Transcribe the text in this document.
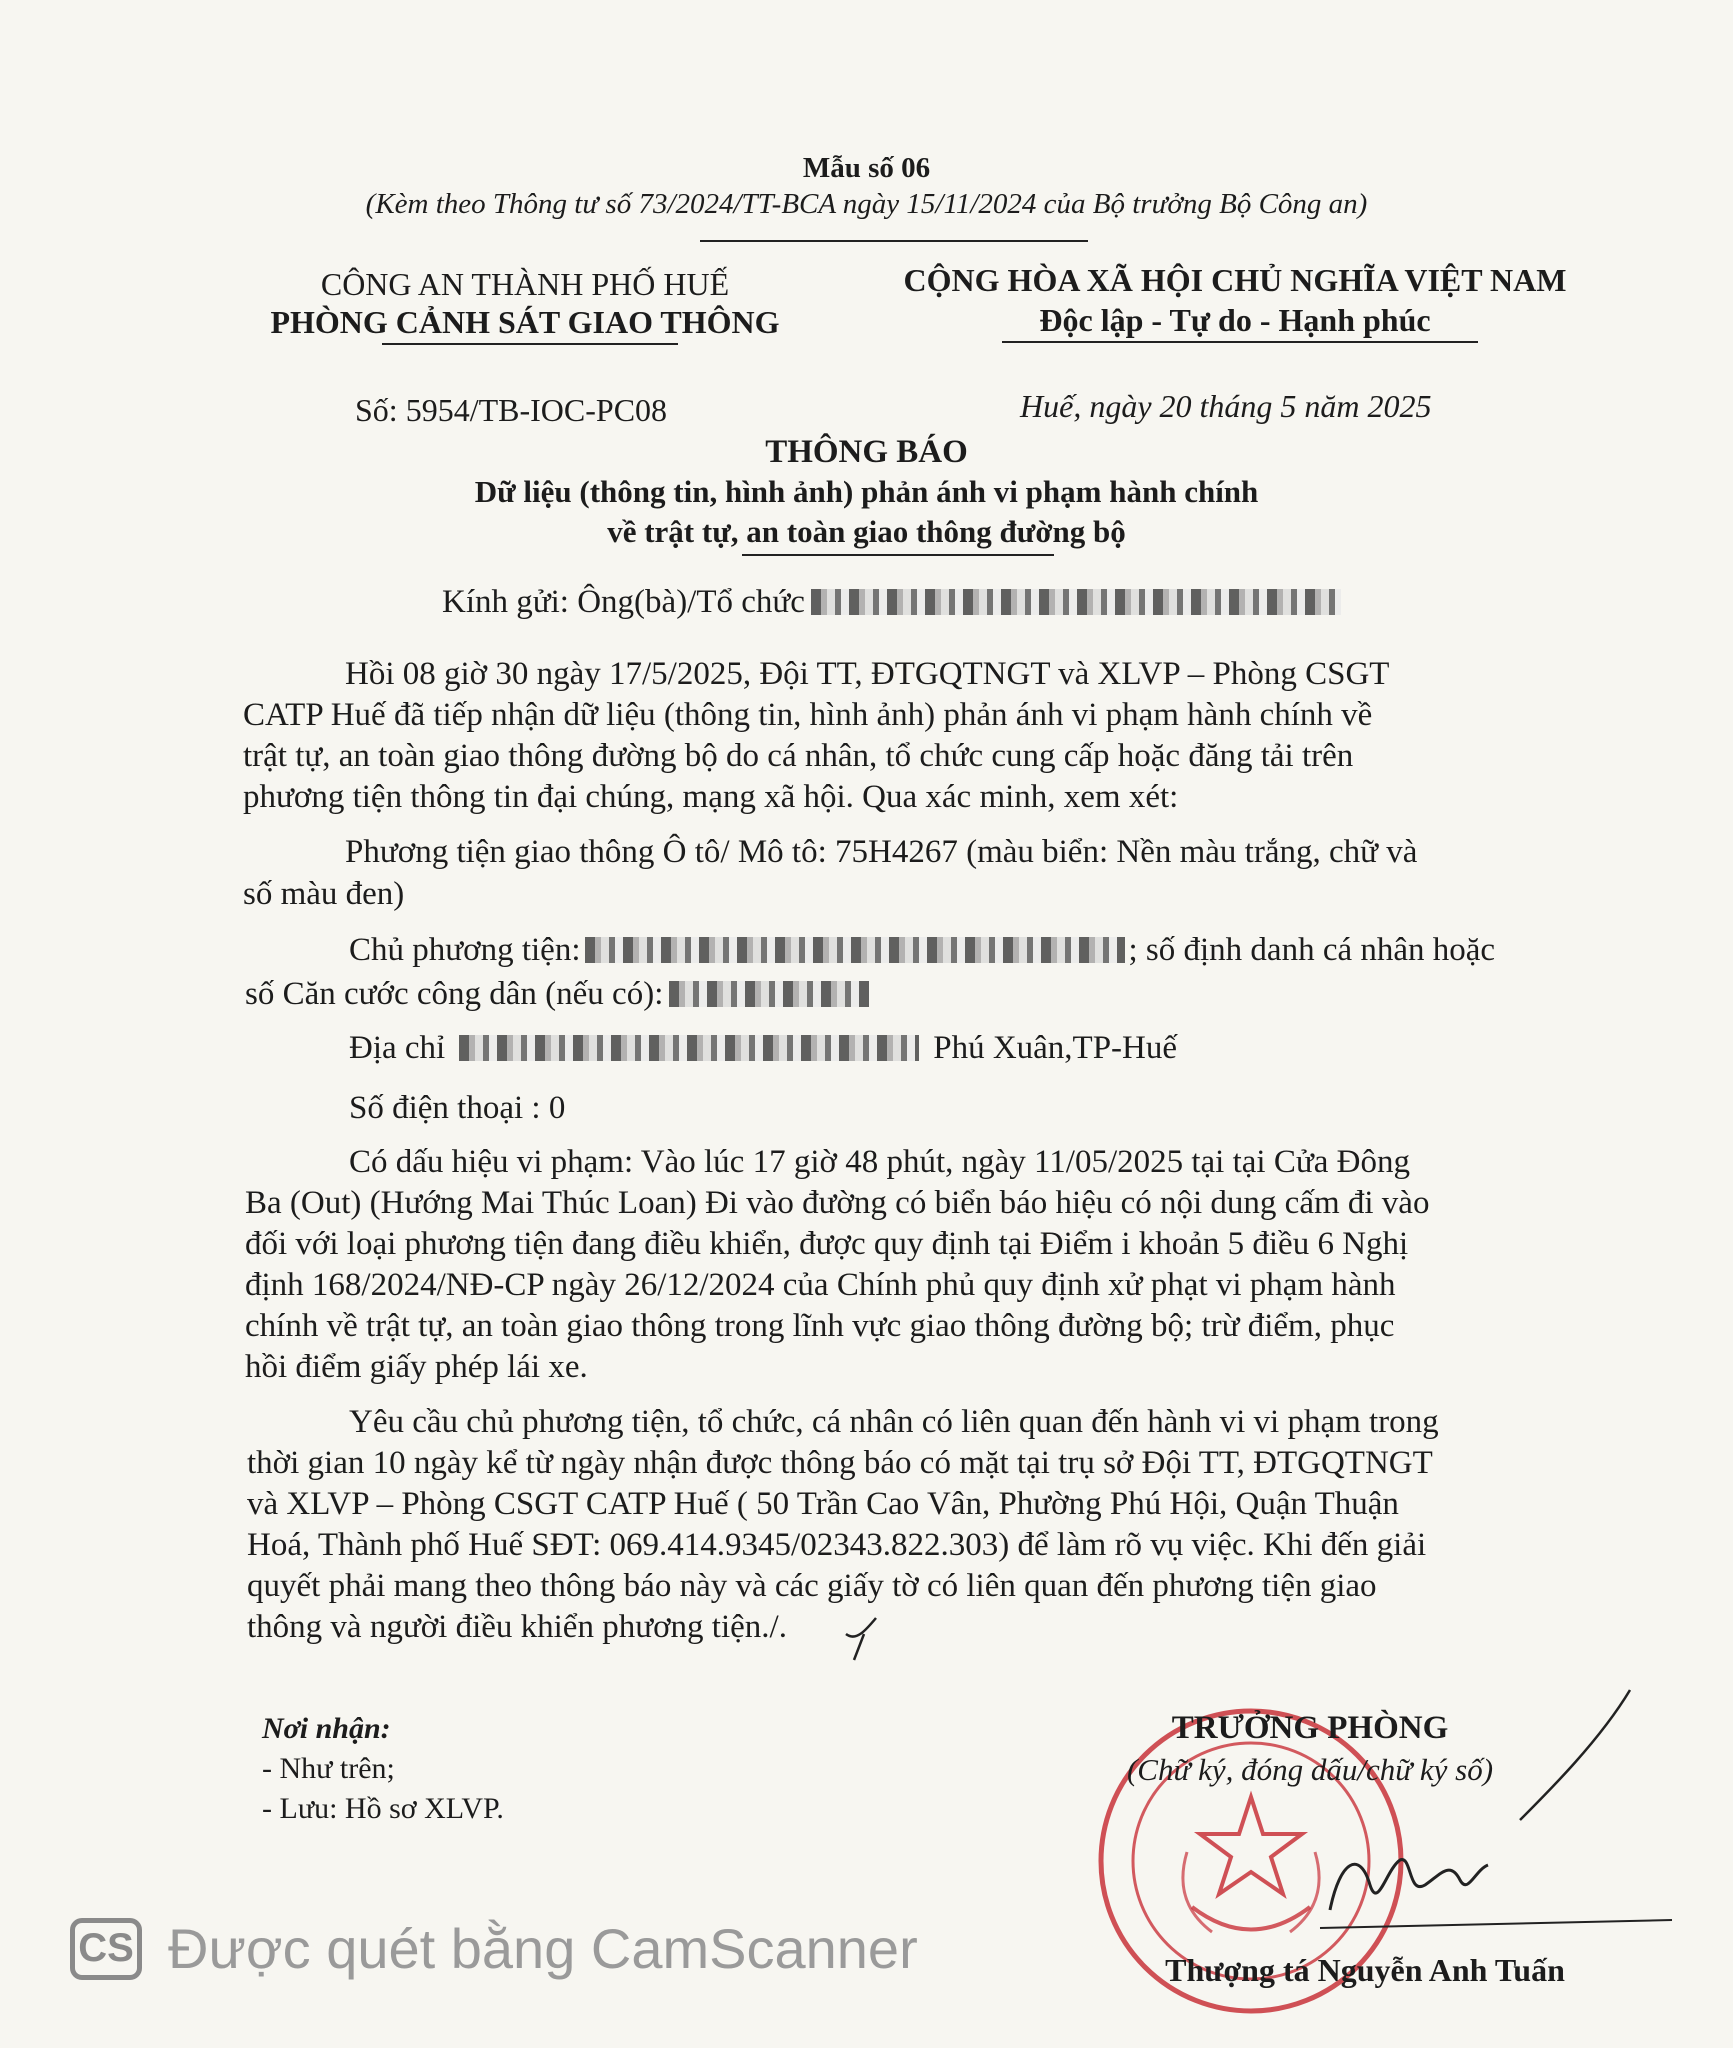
Mẫu số 06
(Kèm theo Thông tư số 73/2024/TT-BCA ngày 15/11/2024 của Bộ trưởng Bộ Công an)
CÔNG AN THÀNH PHỐ HUẾ
PHÒNG CẢNH SÁT GIAO THÔNG
Số: 5954/TB-IOC-PC08
CỘNG HÒA XÃ HỘI CHỦ NGHĨA VIỆT NAM
Độc lập - Tự do - Hạnh phúc
Huế, ngày 20 tháng 5 năm 2025
THÔNG BÁO
Dữ liệu (thông tin, hình ảnh) phản ánh vi phạm hành chính
về trật tự, an toàn giao thông đường bộ
Kính gửi: Ông(bà)/Tổ chức
Hồi 08 giờ 30 ngày 17/5/2025, Đội TT, ĐTGQTNGT và XLVP – Phòng CSGT
CATP Huế đã tiếp nhận dữ liệu (thông tin, hình ảnh) phản ánh vi phạm hành chính về
trật tự, an toàn giao thông đường bộ do cá nhân, tổ chức cung cấp hoặc đăng tải trên
phương tiện thông tin đại chúng, mạng xã hội. Qua xác minh, xem xét:
Phương tiện giao thông Ô tô/ Mô tô: 75H4267 (màu biển: Nền màu trắng, chữ và
số màu đen)
Chủ phương tiện:	; số định danh cá nhân hoặc
số Căn cước công dân (nếu có):
Địa chỉ	Phú Xuân,TP-Huế
Số điện thoại : 0
Có dấu hiệu vi phạm: Vào lúc 17 giờ 48 phút, ngày 11/05/2025 tại tại Cửa Đông
Ba (Out) (Hướng Mai Thúc Loan) Đi vào đường có biển báo hiệu có nội dung cấm đi vào
đối với loại phương tiện đang điều khiển, được quy định tại Điểm i khoản 5 điều 6 Nghị
định 168/2024/NĐ-CP ngày 26/12/2024 của Chính phủ quy định xử phạt vi phạm hành
chính về trật tự, an toàn giao thông trong lĩnh vực giao thông đường bộ; trừ điểm, phục
hồi điểm giấy phép lái xe.
Yêu cầu chủ phương tiện, tổ chức, cá nhân có liên quan đến hành vi vi phạm trong
thời gian 10 ngày kể từ ngày nhận được thông báo có mặt tại trụ sở Đội TT, ĐTGQTNGT
và XLVP – Phòng CSGT CATP Huế ( 50 Trần Cao Vân, Phường Phú Hội, Quận Thuận
Hoá, Thành phố Huế SĐT: 069.414.9345/02343.822.303) để làm rõ vụ việc. Khi đến giải
quyết phải mang theo thông báo này và các giấy tờ có liên quan đến phương tiện giao
thông và người điều khiển phương tiện./.
Nơi nhận:
- Như trên;
- Lưu: Hồ sơ XLVP.
TRƯỞNG PHÒNG
(Chữ ký, đóng dấu/chữ ký số)
Thượng tá Nguyễn Anh Tuấn
CS Được quét bằng CamScanner
